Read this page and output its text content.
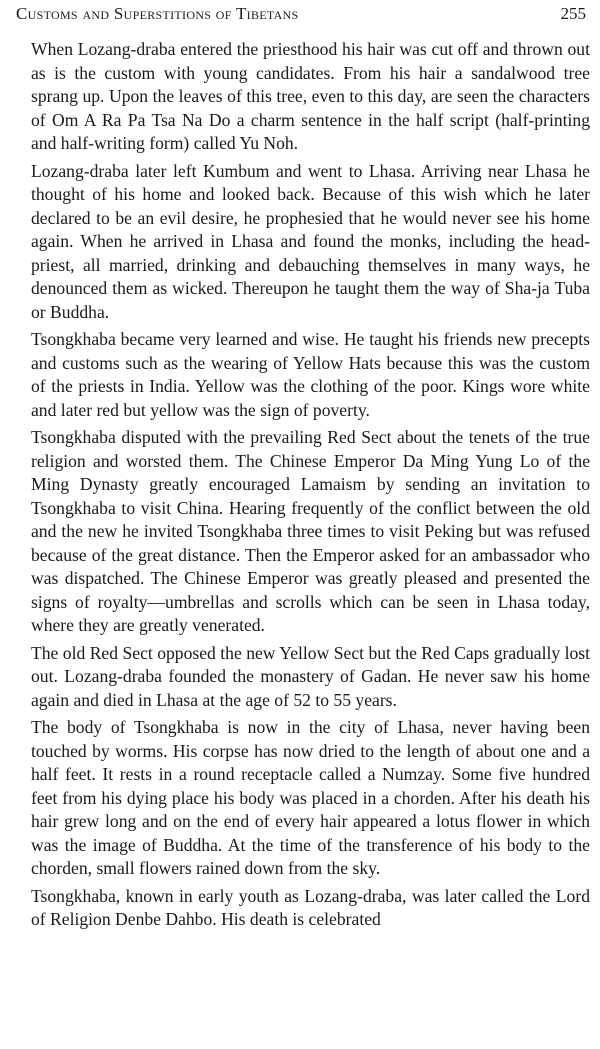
Customs and Superstitions of Tibetans	255

When Lozang-draba entered the priesthood his hair was cut off and thrown out as is the custom with young candidates. From his hair a sandalwood tree sprang up. Upon the leaves of this tree, even to this day, are seen the characters of Om A Ra Pa Tsa Na Do a charm sentence in the half script (half-printing and half-writing form) called Yu Noh.

Lozang-draba later left Kumbum and went to Lhasa. Arriving near Lhasa he thought of his home and looked back. Because of this wish which he later declared to be an evil desire, he prophesied that he would never see his home again. When he arrived in Lhasa and found the monks, including the head-priest, all married, drinking and debauching themselves in many ways, he denounced them as wicked. Thereupon he taught them the way of Sha-ja Tuba or Buddha.

Tsongkhaba became very learned and wise. He taught his friends new precepts and customs such as the wearing of Yellow Hats because this was the custom of the priests in India. Yellow was the clothing of the poor. Kings wore white and later red but yellow was the sign of poverty.

Tsongkhaba disputed with the prevailing Red Sect about the tenets of the true religion and worsted them. The Chinese Emperor Da Ming Yung Lo of the Ming Dynasty greatly encouraged Lamaism by sending an invitation to Tsongkhaba to visit China. Hearing frequently of the conflict between the old and the new he invited Tsongkhaba three times to visit Peking but was refused because of the great distance. Then the Emperor asked for an ambassador who was dispatched. The Chinese Emperor was greatly pleased and presented the signs of royalty—umbrellas and scrolls which can be seen in Lhasa today, where they are greatly venerated.

The old Red Sect opposed the new Yellow Sect but the Red Caps gradually lost out. Lozang-draba founded the monastery of Gadan. He never saw his home again and died in Lhasa at the age of 52 to 55 years.

The body of Tsongkhaba is now in the city of Lhasa, never having been touched by worms. His corpse has now dried to the length of about one and a half feet. It rests in a round receptacle called a Numzay. Some five hundred feet from his dying place his body was placed in a chorden. After his death his hair grew long and on the end of every hair appeared a lotus flower in which was the image of Buddha. At the time of the transference of his body to the chorden, small flowers rained down from the sky.

Tsongkhaba, known in early youth as Lozang-draba, was later called the Lord of Religion Denbe Dahbo. His death is celebrated
